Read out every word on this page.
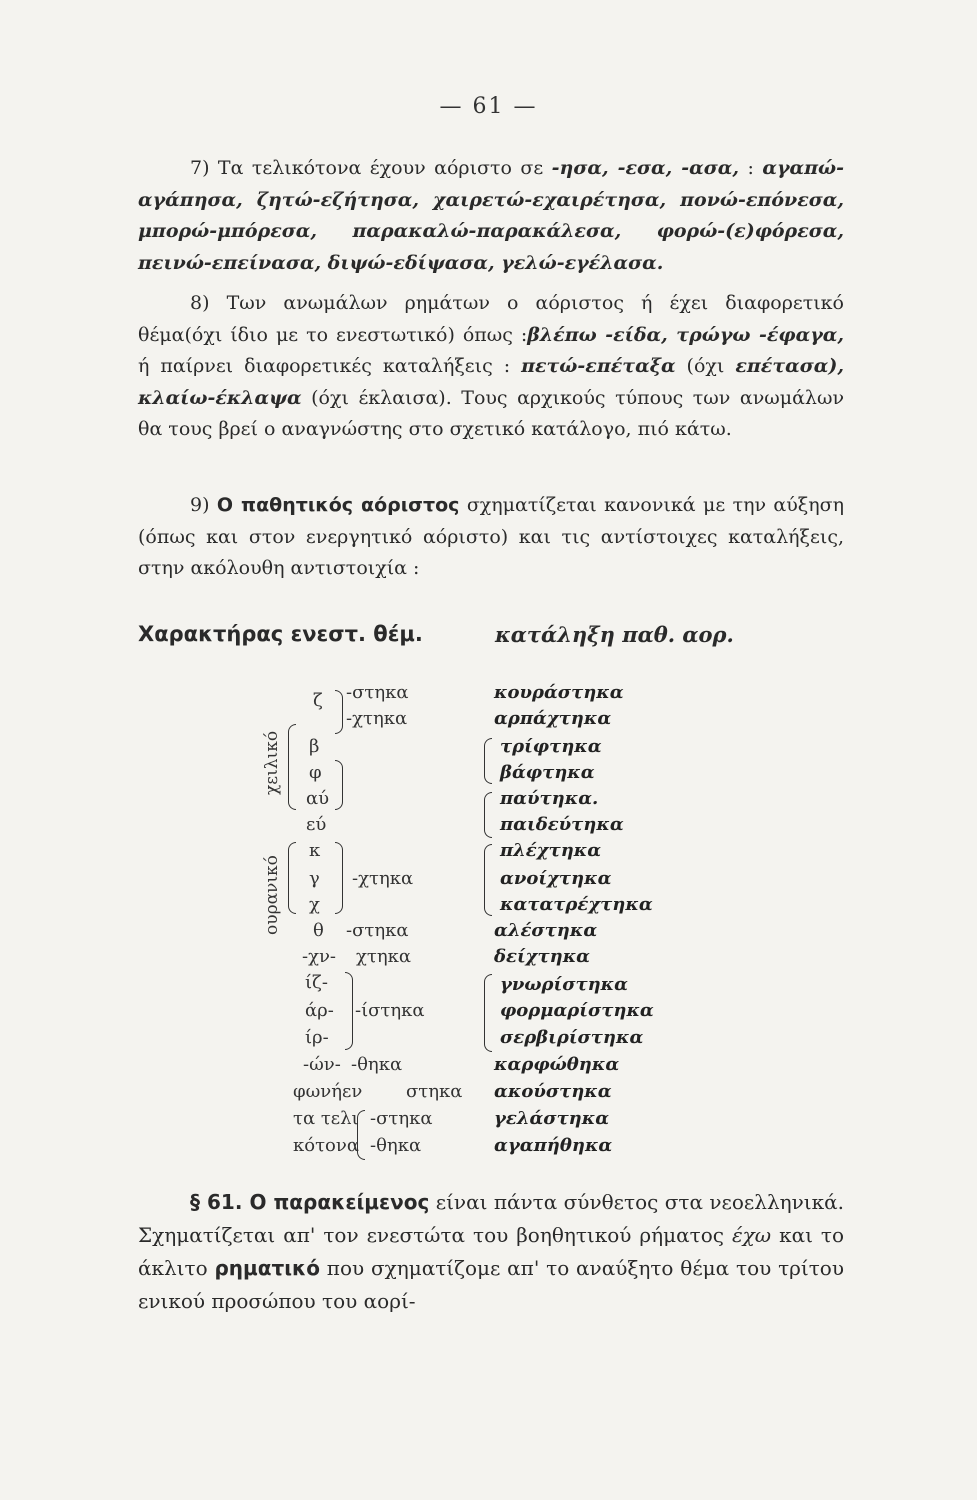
— 61 —
7) Τα τελικότονα έχουν αόριστο σε -ησα, -εσα, -ασα, : αγαπώ-αγάπησα, ζητώ-εζήτησα, χαιρετώ-εχαιρέτησα, πονώ-επόνεσα, μπορώ-μπόρεσα, παρακαλώ-παρακάλεσα, φορώ-(ε)φόρεσα, πεινώ-επείνασα, διψώ-εδίψασα, γελώ-εγέλασα.
8) Των ανωμάλων ρημάτων ο αόριστος ή έχει διαφορετικό θέμα(όχι ίδιο με το ενεστωτικό) όπως :βλέπω -είδα, τρώγω -έφαγα, ή παίρνει διαφορετικές καταλήξεις : πετώ-επέταξα (όχι επέτασα), κλαίω-έκλαψα (όχι έκλαισα). Τους αρχικούς τύπους των ανωμάλων θα τους βρεί ο αναγνώστης στο σχετικό κατάλογο, πιό κάτω.
9) Ο παθητικός αόριστος σχηματίζεται κανονικά με την αύξηση (όπως και στον ενεργητικό αόριστο) και τις αντίστοιχες καταλήξεις, στην ακόλουθη αντιστοιχία :
Χαρακτήρας ενεστ. θέμ.	κατάληξη παθ. αορ.
χειλικό
ουρανικό
ζ
β
φ
αύ
εύ
κ
γ
χ
θ
-χν-
ίζ-
άρ-
ίρ-
-ών-
φωνήεν
τα τελι
κότονα
-στηκα
-χτηκα
-χτηκα
-στηκα
χτηκα
-ίστηκα
-θηκα
στηκα
-στηκα
-θηκα
κουράστηκα
αρπάχτηκα
τρίφτηκα
βάφτηκα
παύτηκα.
παιδεύτηκα
πλέχτηκα
ανοίχτηκα
κατατρέχτηκα
αλέστηκα
δείχτηκα
γνωρίστηκα
φορμαρίστηκα
σερβιρίστηκα
καρφώθηκα
ακούστηκα
γελάστηκα
αγαπήθηκα
§ 61. Ο παρακείμενος είναι πάντα σύνθετος στα νεοελληνικά. Σχηματίζεται απ' τον ενεστώτα του βοηθητικού ρήματος έχω και το άκλιτο ρηματικό που σχηματίζομε απ' το αναύξητο θέμα του τρίτου ενικού προσώπου του αορί-
